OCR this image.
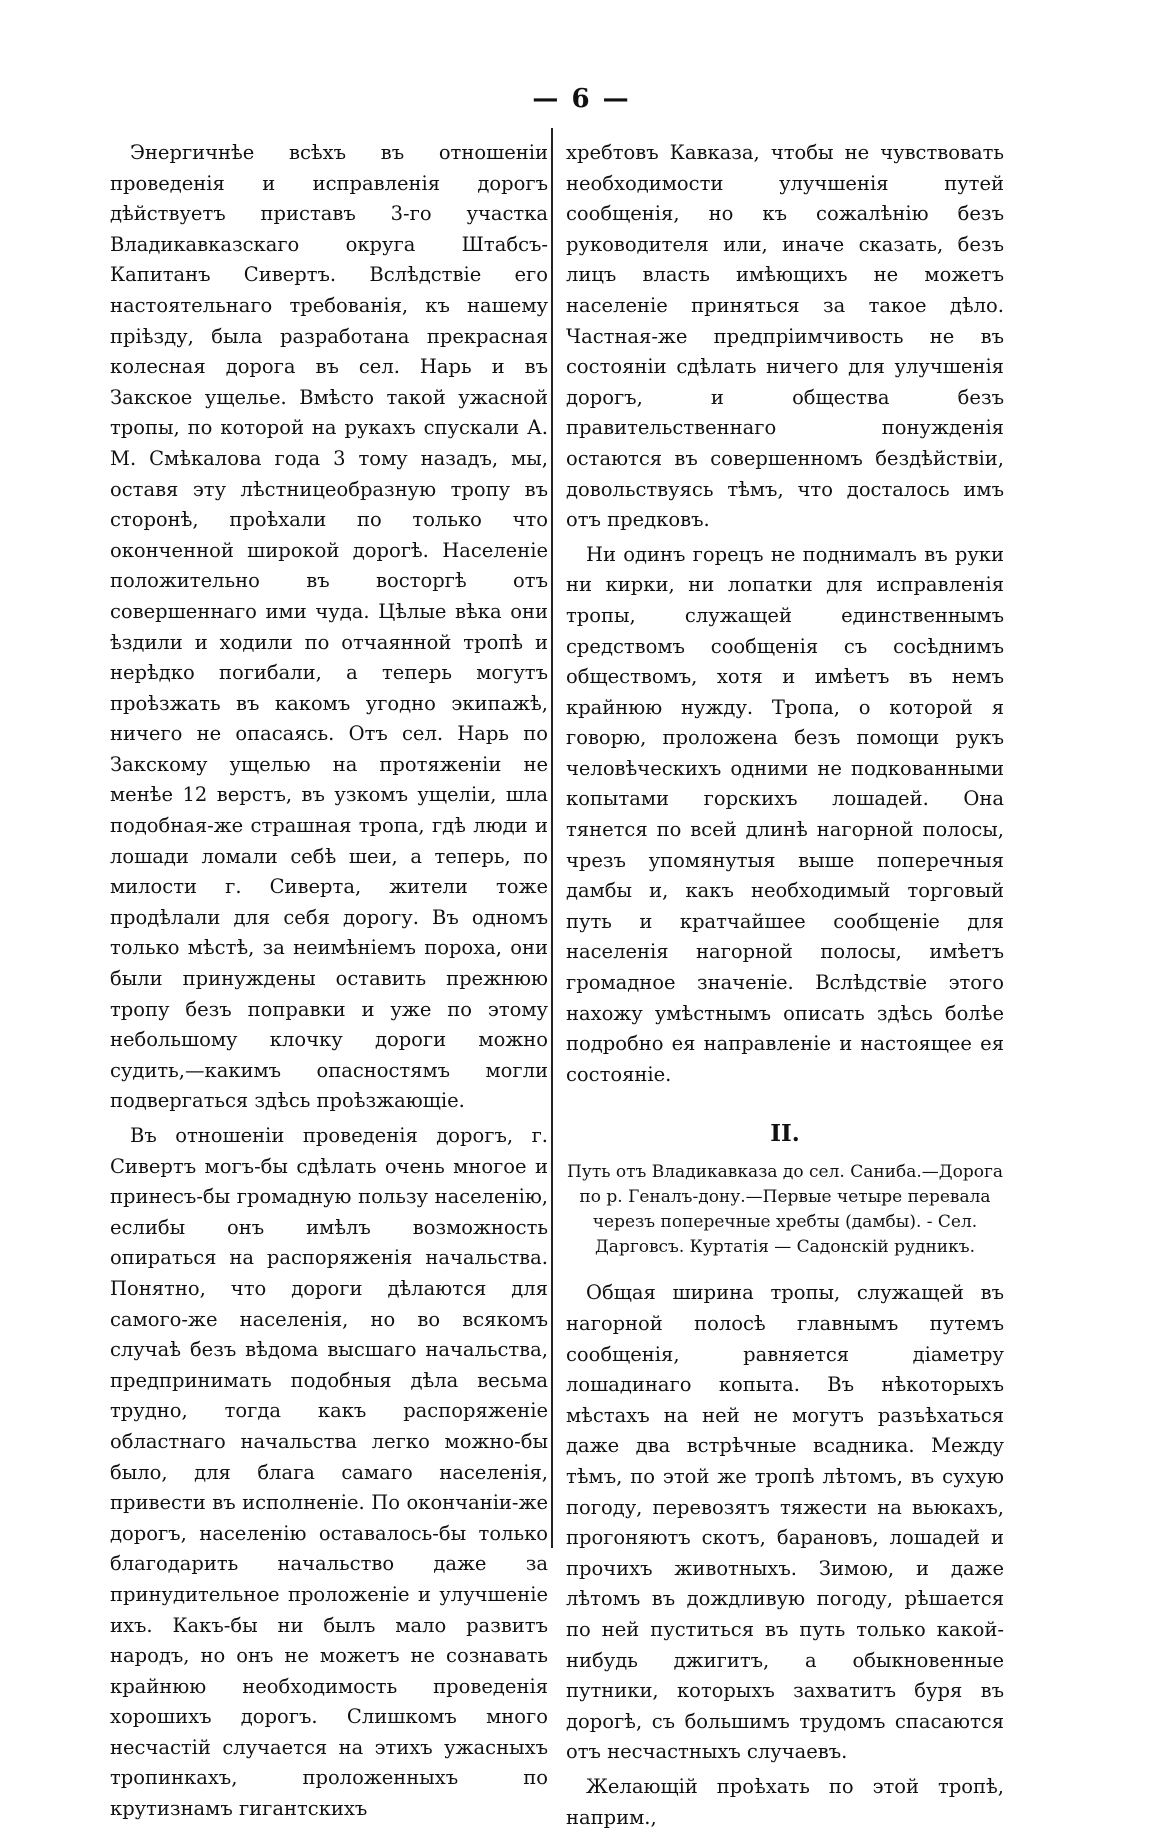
— 6 —

Энергичнѣе всѣхъ въ отношеніи проведенія и исправленія дорогъ дѣйствуетъ приставъ 3-го участка Владикавказскаго округа Штабсъ-Капитанъ Сивертъ. Вслѣдствіе его настоятельнаго требованія, къ нашему пріѣзду, была разработана прекрасная колесная дорога въ сел. Нарь и въ Закское ущелье. Вмѣсто такой ужасной тропы, по которой на рукахъ спускали А. М. Смѣкалова года 3 тому назадъ, мы, оставя эту лѣстницеобразную тропу въ сторонѣ, проѣхали по только что оконченной широкой дорогѣ. Населеніе положительно въ восторгѣ отъ совершеннаго ими чуда. Цѣлые вѣка они ѣздили и ходили по отчаянной тропѣ и нерѣдко погибали, а теперь могутъ проѣзжать въ какомъ угодно экипажѣ, ничего не опасаясь. Отъ сел. Нарь по Закскому ущелью на протяженіи не менѣе 12 верстъ, въ узкомъ ущеліи, шла подобная-же страшная тропа, гдѣ люди и лошади ломали себѣ шеи, а теперь, по милости г. Сиверта, жители тоже продѣлали для себя дорогу. Въ одномъ только мѣстѣ, за неимѣніемъ пороха, они были принуждены оставить прежнюю тропу безъ поправки и уже по этому небольшому клочку дороги можно судить,—какимъ опасностямъ могли подвергаться здѣсь проѣзжающіе.

Въ отношеніи проведенія дорогъ, г. Сивертъ могъ-бы сдѣлать очень многое и принесъ-бы громадную пользу населенію, еслибы онъ имѣлъ возможность опираться на распоряженія начальства. Понятно, что дороги дѣлаются для самого-же населенія, но во всякомъ случаѣ безъ вѣдома высшаго начальства, предпринимать подобныя дѣла весьма трудно, тогда какъ распоряженіе областнаго начальства легко можно-бы было, для блага самаго населенія, привести въ исполненіе. По окончаніи-же дорогъ, населенію оставалось-бы только благодарить начальство даже за принудительное проложеніе и улучшеніе ихъ. Какъ-бы ни былъ мало развитъ народъ, но онъ не можетъ не сознавать крайнюю необходимость проведенія хорошихъ дорогъ. Слишкомъ много несчастій случается на этихъ ужасныхъ тропинкахъ, проложенныхъ по крутизнамъ гигантскихъ

хребтовъ Кавказа, чтобы не чувствовать необходимости улучшенія путей сообщенія, но къ сожалѣнію безъ руководителя или, иначе сказать, безъ лицъ власть имѣющихъ не можетъ населеніе приняться за такое дѣло. Частная-же предпріимчивость не въ состояніи сдѣлать ничего для улучшенія дорогъ, и общества безъ правительственнаго понужденія остаются въ совершенномъ бездѣйствіи, довольствуясь тѣмъ, что досталось имъ отъ предковъ.

Ни одинъ горецъ не поднималъ въ руки ни кирки, ни лопатки для исправленія тропы, служащей единственнымъ средствомъ сообщенія съ сосѣднимъ обществомъ, хотя и имѣетъ въ немъ крайнюю нужду. Тропа, о которой я говорю, проложена безъ помощи рукъ человѣческихъ одними не подкованными копытами горскихъ лошадей. Она тянется по всей длинѣ нагорной полосы, чрезъ упомянутыя выше поперечныя дамбы и, какъ необходимый торговый путь и кратчайшее сообщеніе для населенія нагорной полосы, имѣетъ громадное значеніе. Вслѣдствіе этого нахожу умѣстнымъ описать здѣсь болѣе подробно ея направленіе и настоящее ея состояніе.

II.
Путь отъ Владикавказа до сел. Саниба.—Дорога по р. Геналъ-дону.—Первые четыре перевала черезъ поперечные хребты (дамбы). - Сел. Дарговсъ. Куртатія — Садонскій рудникъ.

Общая ширина тропы, служащей въ нагорной полосѣ главнымъ путемъ сообщенія, равняется діаметру лошадинаго копыта. Въ нѣкоторыхъ мѣстахъ на ней не могутъ разъѣхаться даже два встрѣчные всадника. Между тѣмъ, по этой же тропѣ лѣтомъ, въ сухую погоду, перевозятъ тяжести на вьюкахъ, прогоняютъ скотъ, барановъ, лошадей и прочихъ животныхъ. Зимою, и даже лѣтомъ въ дождливую погоду, рѣшается по ней пуститься въ путь только какой-нибудь джигитъ, а обыкновенные путники, которыхъ захватитъ буря въ дорогѣ, съ большимъ трудомъ спасаются отъ несчастныхъ случаевъ.

Желающій проѣхать по этой тропѣ, наприм.,
